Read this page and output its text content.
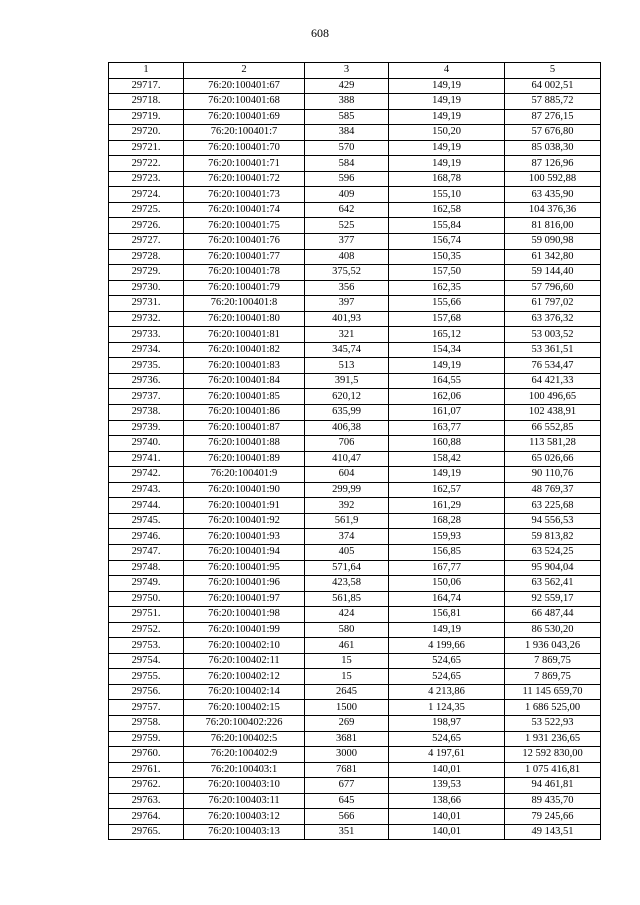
608
1	2	3	4	5
29717.	76:20:100401:67	429	149,19	64 002,51
29718.	76:20:100401:68	388	149,19	57 885,72
29719.	76:20:100401:69	585	149,19	87 276,15
29720.	76:20:100401:7	384	150,20	57 676,80
29721.	76:20:100401:70	570	149,19	85 038,30
29722.	76:20:100401:71	584	149,19	87 126,96
29723.	76:20:100401:72	596	168,78	100 592,88
29724.	76:20:100401:73	409	155,10	63 435,90
29725.	76:20:100401:74	642	162,58	104 376,36
29726.	76:20:100401:75	525	155,84	81 816,00
29727.	76:20:100401:76	377	156,74	59 090,98
29728.	76:20:100401:77	408	150,35	61 342,80
29729.	76:20:100401:78	375,52	157,50	59 144,40
29730.	76:20:100401:79	356	162,35	57 796,60
29731.	76:20:100401:8	397	155,66	61 797,02
29732.	76:20:100401:80	401,93	157,68	63 376,32
29733.	76:20:100401:81	321	165,12	53 003,52
29734.	76:20:100401:82	345,74	154,34	53 361,51
29735.	76:20:100401:83	513	149,19	76 534,47
29736.	76:20:100401:84	391,5	164,55	64 421,33
29737.	76:20:100401:85	620,12	162,06	100 496,65
29738.	76:20:100401:86	635,99	161,07	102 438,91
29739.	76:20:100401:87	406,38	163,77	66 552,85
29740.	76:20:100401:88	706	160,88	113 581,28
29741.	76:20:100401:89	410,47	158,42	65 026,66
29742.	76:20:100401:9	604	149,19	90 110,76
29743.	76:20:100401:90	299,99	162,57	48 769,37
29744.	76:20:100401:91	392	161,29	63 225,68
29745.	76:20:100401:92	561,9	168,28	94 556,53
29746.	76:20:100401:93	374	159,93	59 813,82
29747.	76:20:100401:94	405	156,85	63 524,25
29748.	76:20:100401:95	571,64	167,77	95 904,04
29749.	76:20:100401:96	423,58	150,06	63 562,41
29750.	76:20:100401:97	561,85	164,74	92 559,17
29751.	76:20:100401:98	424	156,81	66 487,44
29752.	76:20:100401:99	580	149,19	86 530,20
29753.	76:20:100402:10	461	4 199,66	1 936 043,26
29754.	76:20:100402:11	15	524,65	7 869,75
29755.	76:20:100402:12	15	524,65	7 869,75
29756.	76:20:100402:14	2645	4 213,86	11 145 659,70
29757.	76:20:100402:15	1500	1 124,35	1 686 525,00
29758.	76:20:100402:226	269	198,97	53 522,93
29759.	76:20:100402:5	3681	524,65	1 931 236,65
29760.	76:20:100402:9	3000	4 197,61	12 592 830,00
29761.	76:20:100403:1	7681	140,01	1 075 416,81
29762.	76:20:100403:10	677	139,53	94 461,81
29763.	76:20:100403:11	645	138,66	89 435,70
29764.	76:20:100403:12	566	140,01	79 245,66
29765.	76:20:100403:13	351	140,01	49 143,51
